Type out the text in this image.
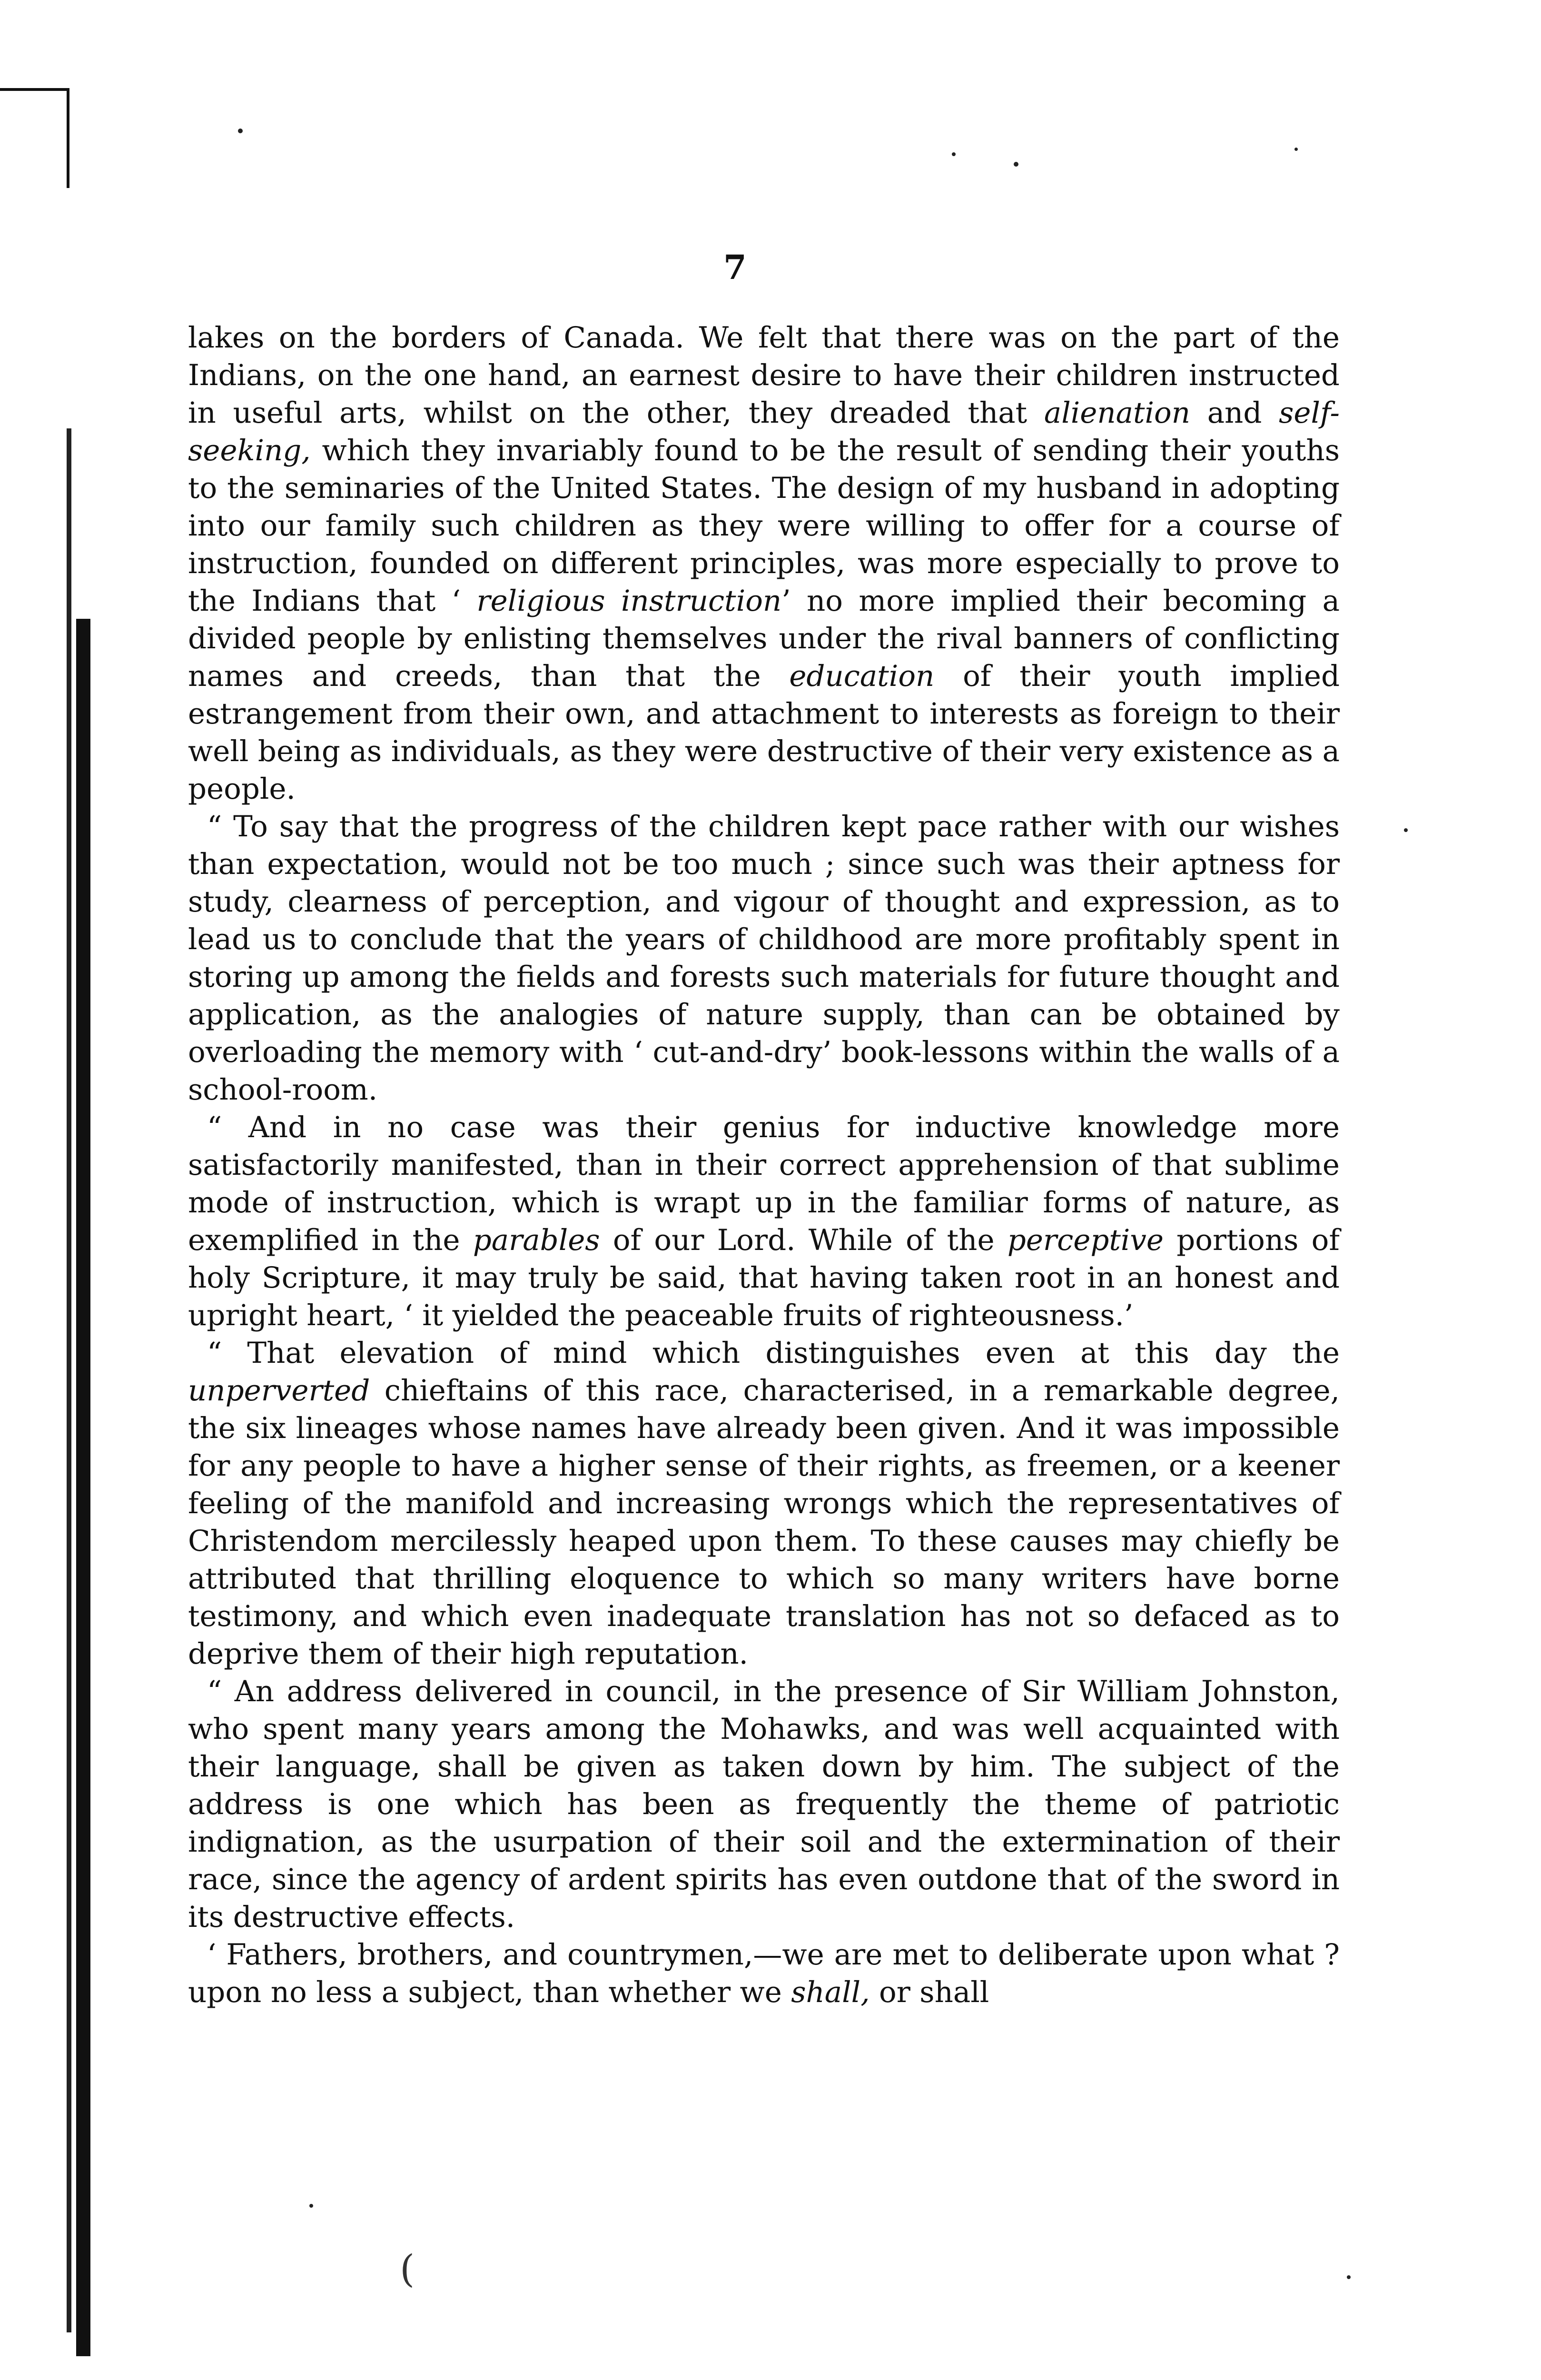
7

lakes on the borders of Canada. We felt that there was on the part of the Indians, on the one hand, an earnest desire to have their children instructed in useful arts, whilst on the other, they dreaded that alienation and self-seeking, which they invariably found to be the result of sending their youths to the seminaries of the United States. The design of my husband in adopting into our family such children as they were willing to offer for a course of instruction, founded on different principles, was more especially to prove to the Indians that ‘ religious instruction’ no more implied their becoming a divided people by enlisting themselves under the rival banners of conflicting names and creeds, than that the education of their youth implied estrangement from their own, and attachment to interests as foreign to their well being as individuals, as they were destructive of their very existence as a people.

“ To say that the progress of the children kept pace rather with our wishes than expectation, would not be too much ; since such was their aptness for study, clearness of perception, and vigour of thought and expression, as to lead us to conclude that the years of childhood are more profitably spent in storing up among the fields and forests such materials for future thought and application, as the analogies of nature supply, than can be obtained by overloading the memory with ‘ cut-and-dry’ book-lessons within the walls of a school-room.

“ And in no case was their genius for inductive knowledge more satisfactorily manifested, than in their correct apprehension of that sublime mode of instruction, which is wrapt up in the familiar forms of nature, as exemplified in the parables of our Lord. While of the perceptive portions of holy Scripture, it may truly be said, that having taken root in an honest and upright heart, ‘ it yielded the peaceable fruits of righteousness.’

“ That elevation of mind which distinguishes even at this day the unperverted chieftains of this race, characterised, in a remarkable degree, the six lineages whose names have already been given. And it was impossible for any people to have a higher sense of their rights, as freemen, or a keener feeling of the manifold and increasing wrongs which the representatives of Christendom mercilessly heaped upon them. To these causes may chiefly be attributed that thrilling eloquence to which so many writers have borne testimony, and which even inadequate translation has not so defaced as to deprive them of their high reputation.

“ An address delivered in council, in the presence of Sir William Johnston, who spent many years among the Mohawks, and was well acquainted with their language, shall be given as taken down by him. The subject of the address is one which has been as frequently the theme of patriotic indignation, as the usurpation of their soil and the extermination of their race, since the agency of ardent spirits has even outdone that of the sword in its destructive effects.

‘ Fathers, brothers, and countrymen,—we are met to deliberate upon what ? upon no less a subject, than whether we shall, or shall

(
